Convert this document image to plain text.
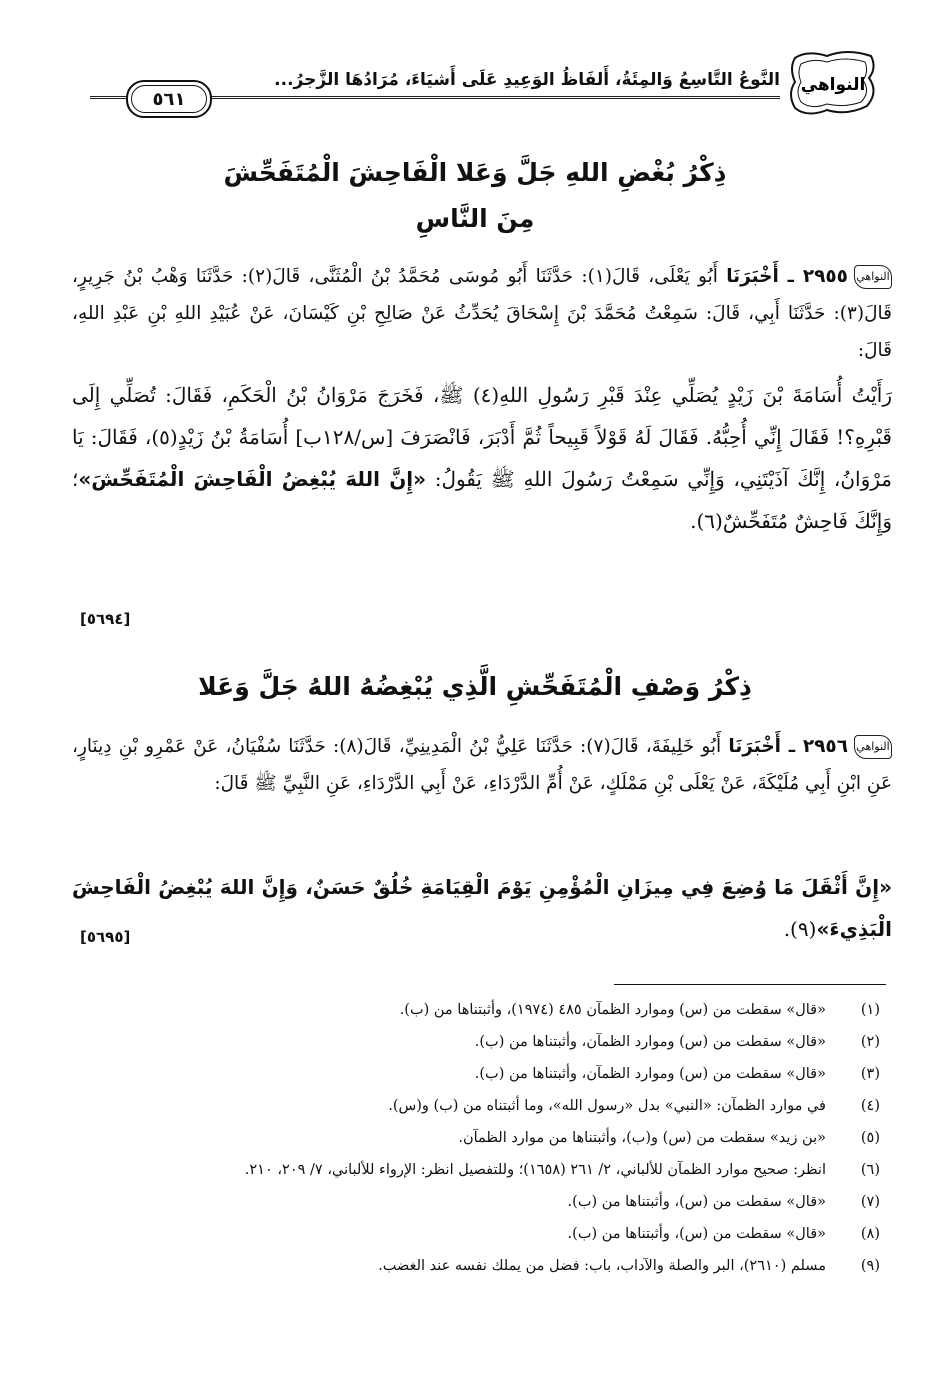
٥٦١
النَّوعُ التَّاسِعُ وَالمِئَةُ، أَلفَاظُ الوَعِيدِ عَلَى أَشيَاءَ، مُرَادُهَا الزَّجرُ... النواهي
ذِكْرُ بُغْضِ اللهِ جَلَّ وَعَلا الْفَاحِشَ الْمُتَفَحِّشَ
مِنَ النَّاسِ
النواهي٢٩٥٥ ـ أَخْبَرَنَا أَبُو يَعْلَى، قَالَ(١): حَدَّثَنَا أَبُو مُوسَى مُحَمَّدُ بْنُ الْمُثَنَّى، قَالَ(٢): حَدَّثَنَا وَهْبُ بْنُ جَرِيرٍ، قَالَ(٣): حَدَّثَنَا أَبِي، قَالَ: سَمِعْتُ مُحَمَّدَ بْنَ إِسْحَاقَ يُحَدِّثُ عَنْ صَالِحِ بْنِ كَيْسَانَ، عَنْ عُبَيْدِ اللهِ بْنِ عَبْدِ اللهِ، قَالَ:
رَأَيْتُ أُسَامَةَ بْنَ زَيْدٍ يُصَلِّي عِنْدَ قَبْرِ رَسُولِ اللهِ(٤) ﷺ، فَخَرَجَ مَرْوَانُ بْنُ الْحَكَمِ، فَقَالَ: تُصَلِّي إِلَى قَبْرِهِ؟! فَقَالَ إِنِّي أُحِبُّهُ. فَقَالَ لَهُ قَوْلاً قَبِيحاً ثُمَّ أَدْبَرَ، فَانْصَرَفَ [س/١٢٨ب] أُسَامَةُ بْنُ زَيْدٍ(٥)، فَقَالَ: يَا مَرْوَانُ، إِنَّكَ آذَيْتَنِي، وَإِنِّي سَمِعْتُ رَسُولَ اللهِ ﷺ يَقُولُ: «إِنَّ اللهَ يُبْغِضُ الْفَاحِشَ الْمُتَفَحِّشَ»؛ وَإِنَّكَ فَاحِشٌ مُتَفَحِّشٌ(٦).
[٥٦٩٤]
ذِكْرُ وَصْفِ الْمُتَفَحِّشِ الَّذِي يُبْغِضُهُ اللهُ جَلَّ وَعَلا
النواهي٢٩٥٦ ـ أَخْبَرَنَا أَبُو خَلِيفَةَ، قَالَ(٧): حَدَّثَنَا عَلِيُّ بْنُ الْمَدِينِيِّ، قَالَ(٨): حَدَّثَنَا سُفْيَانُ، عَنْ عَمْرِو بْنِ دِينَارٍ، عَنِ ابْنِ أَبِي مُلَيْكَةَ، عَنْ يَعْلَى بْنِ مَمْلَكٍ، عَنْ أُمِّ الدَّرْدَاءِ، عَنْ أَبِي الدَّرْدَاءِ، عَنِ النَّبِيِّ ﷺ قَالَ:
«إِنَّ أَثْقَلَ مَا وُضِعَ فِي مِيزَانِ الْمُؤْمِنِ يَوْمَ الْقِيَامَةِ خُلُقٌ حَسَنٌ، وَإِنَّ اللهَ يُبْغِضُ الْفَاحِشَ الْبَذِيءَ»(٩).
[٥٦٩٥]
(١)
«قال» سقطت من (س) وموارد الظمآن ٤٨٥ (١٩٧٤)، وأثبتناها من (ب).
(٢)
«قال» سقطت من (س) وموارد الظمآن، وأثبتناها من (ب).
(٣)
«قال» سقطت من (س) وموارد الظمآن، وأثبتناها من (ب).
(٤)
في موارد الظمآن: «النبي» بدل «رسول الله»، وما أثبتناه من (ب) و(س).
(٥)
«بن زيد» سقطت من (س) و(ب)، وأثبتناها من موارد الظمآن.
(٦)
انظر: صحيح موارد الظمآن للألباني، ٢/ ٢٦١ (١٦٥٨)؛ وللتفصيل انظر: الإرواء للألباني، ٧/ ٢٠٩، ٢١٠.
(٧)
«قال» سقطت من (س)، وأثبتناها من (ب).
(٨)
«قال» سقطت من (س)، وأثبتناها من (ب).
(٩)
مسلم (٢٦١٠)، البر والصلة والآداب، باب: فضل من يملك نفسه عند الغضب.
